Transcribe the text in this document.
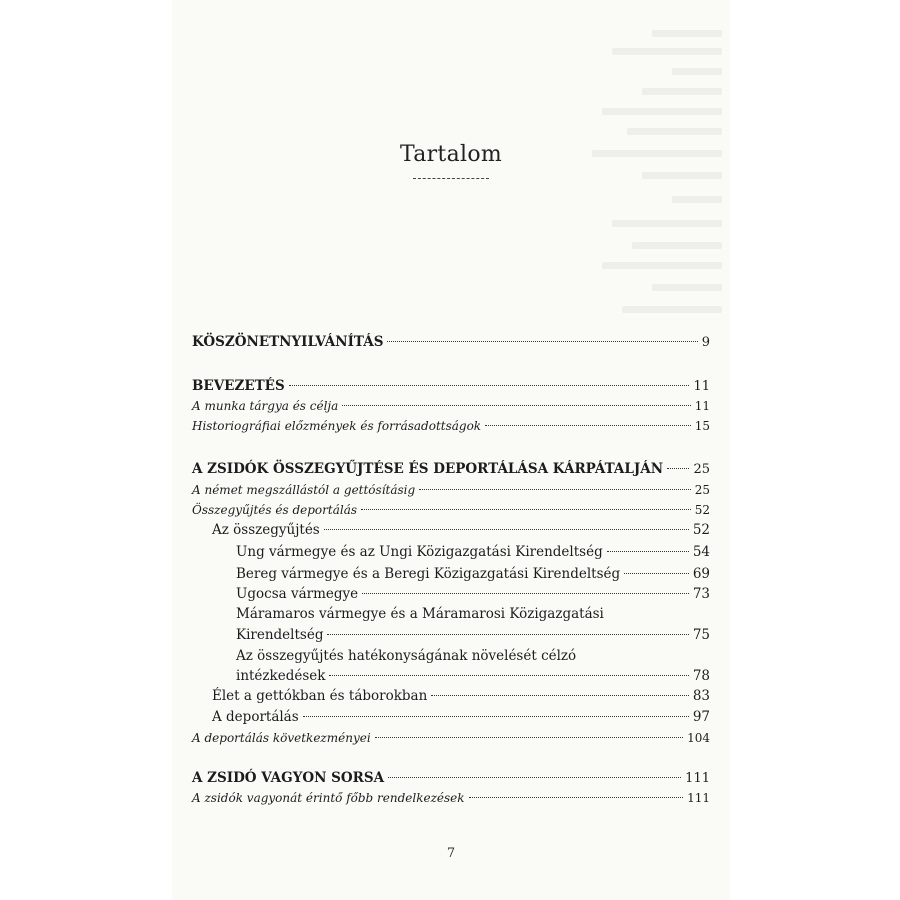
Tartalom
KÖSZÖNETNYILVÁNÍTÁS	9
BEVEZETÉS	11
A munka tárgya és célja	11
Historiográfiai előzmények és forrásadottságok	15
A ZSIDÓK ÖSSZEGYŰJTÉSE ÉS DEPORTÁLÁSA KÁRPÁTALJÁN 25
A német megszállástól a gettósításig	25
Összegyűjtés és deportálás	52
Az összegyűjtés	52
Ung vármegye és az Ungi Közigazgatási Kirendeltség	54
Bereg vármegye és a Beregi Közigazgatási Kirendeltség	69
Ugocsa vármegye	73
Máramaros vármegye és a Máramarosi Közigazgatási
Kirendeltség	75
Az összegyűjtés hatékonyságának növelését célzó
intézkedések	78
Élet a gettókban és táborokban	83
A deportálás	97
A deportálás következményei	104
A ZSIDÓ VAGYON SORSA	111
A zsidók vagyonát érintő főbb rendelkezések	111
7
